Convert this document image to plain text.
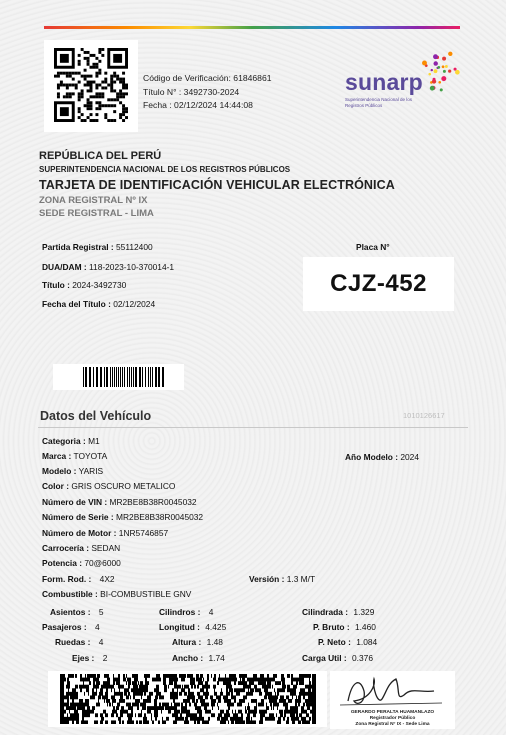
Código de Verificación: 61846861
Título N° : 3492730-2024
Fecha : 02/12/2024 14:44:08
sunarp
Superintendencia Nacional de los Registros Públicos
REPÚBLICA DEL PERÚ
SUPERINTENDENCIA NACIONAL DE LOS REGISTROS PÚBLICOS
TARJETA DE IDENTIFICACIÓN VEHICULAR ELECTRÓNICA
ZONA REGISTRAL Nº IX
SEDE REGISTRAL - LIMA
Partida Registral : 55112400
DUA/DAM : 118-2023-10-370014-1
Título : 2024-3492730
Fecha del Título : 02/12/2024
Placa N°
CJZ-452
Datos del Vehículo	1010126617
Categoria : M1
Marca : TOYOTA	Año Modelo : 2024
Modelo : YARIS
Color : GRIS OSCURO METALICO
Número de VIN : MR2BE8B38R0045032
Número de Serie : MR2BE8B38R0045032
Número de Motor : 1NR5746857
Carrocería : SEDAN
Potencia : 70@6000
Form. Rod. : 4X2	Versión : 1.3 M/T
Combustible : BI-COMBUSTIBLE GNV
Asientos : 5	Cilindros : 4	Cilindrada : 1.329
Pasajeros : 4	Longitud : 4.425	P. Bruto : 1.460
Ruedas : 4	Altura : 1.48	P. Neto : 1.084
Ejes : 2	Ancho : 1.74	Carga Util : 0.376
GERARDO PERALTA HUAMANLAZO
Registrador Público
Zona Registral N° IX - Sede Lima
